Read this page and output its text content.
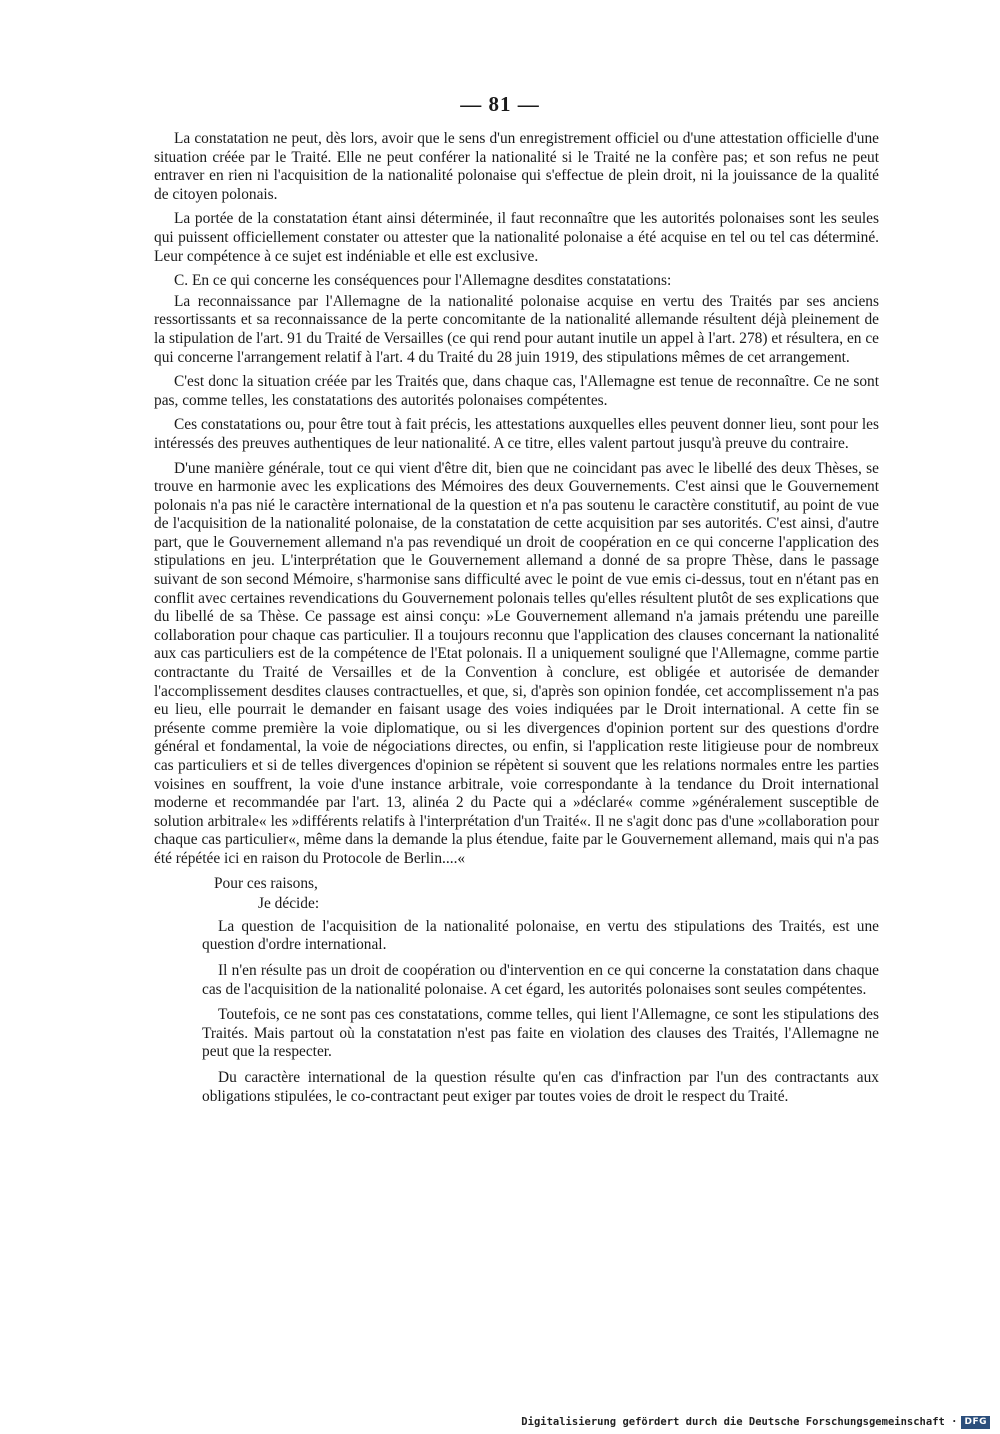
— 81 —

La constatation ne peut, dès lors, avoir que le sens d'un enregistrement officiel ou d'une attestation officielle d'une situation créée par le Traité. Elle ne peut conférer la nationalité si le Traité ne la confère pas; et son refus ne peut entraver en rien ni l'acquisition de la nationalité polonaise qui s'effectue de plein droit, ni la jouissance de la qualité de citoyen polonais.

La portée de la constatation étant ainsi déterminée, il faut reconnaître que les autorités polonaises sont les seules qui puissent officiellement constater ou attester que la nationalité polonaise a été acquise en tel ou tel cas déterminé. Leur compétence à ce sujet est indéniable et elle est exclusive.

C. En ce qui concerne les conséquences pour l'Allemagne desdites constatations:

La reconnaissance par l'Allemagne de la nationalité polonaise acquise en vertu des Traités par ses anciens ressortissants et sa reconnaissance de la perte concomitante de la nationalité allemande résultent déjà pleinement de la stipulation de l'art. 91 du Traité de Versailles (ce qui rend pour autant inutile un appel à l'art. 278) et résultera, en ce qui concerne l'arrangement relatif à l'art. 4 du Traité du 28 juin 1919, des stipulations mêmes de cet arrangement.

C'est donc la situation créée par les Traités que, dans chaque cas, l'Allemagne est tenue de reconnaître. Ce ne sont pas, comme telles, les constatations des autorités polonaises compétentes.

Ces constatations ou, pour être tout à fait précis, les attestations auxquelles elles peuvent donner lieu, sont pour les intéressés des preuves authentiques de leur nationalité. A ce titre, elles valent partout jusqu'à preuve du contraire.

D'une manière générale, tout ce qui vient d'être dit, bien que ne coincidant pas avec le libellé des deux Thèses, se trouve en harmonie avec les explications des Mémoires des deux Gouvernements. C'est ainsi que le Gouvernement polonais n'a pas nié le caractère international de la question et n'a pas soutenu le caractère constitutif, au point de vue de l'acquisition de la nationalité polonaise, de la constatation de cette acquisition par ses autorités. C'est ainsi, d'autre part, que le Gouvernement allemand n'a pas revendiqué un droit de coopération en ce qui concerne l'application des stipulations en jeu. L'interprétation que le Gouvernement allemand a donné de sa propre Thèse, dans le passage suivant de son second Mémoire, s'harmonise sans difficulté avec le point de vue emis ci-dessus, tout en n'étant pas en conflit avec certaines revendications du Gouvernement polonais telles qu'elles résultent plutôt de ses explications que du libellé de sa Thèse. Ce passage est ainsi conçu: »Le Gouvernement allemand n'a jamais prétendu une pareille collaboration pour chaque cas particulier. Il a toujours reconnu que l'application des clauses concernant la nationalité aux cas particuliers est de la compétence de l'Etat polonais. Il a uniquement souligné que l'Allemagne, comme partie contractante du Traité de Versailles et de la Convention à conclure, est obligée et autorisée de demander l'accomplissement desdites clauses contractuelles, et que, si, d'après son opinion fondée, cet accomplissement n'a pas eu lieu, elle pourrait le demander en faisant usage des voies indiquées par le Droit international. A cette fin se présente comme première la voie diplomatique, ou si les divergences d'opinion portent sur des questions d'ordre général et fondamental, la voie de négociations directes, ou enfin, si l'application reste litigieuse pour de nombreux cas particuliers et si de telles divergences d'opinion se répètent si souvent que les relations normales entre les parties voisines en souffrent, la voie d'une instance arbitrale, voie correspondante à la tendance du Droit international moderne et recommandée par l'art. 13, alinéa 2 du Pacte qui a »déclaré« comme »généralement susceptible de solution arbitrale« les »différents relatifs à l'interprétation d'un Traité«. Il ne s'agit donc pas d'une »collaboration pour chaque cas particulier«, même dans la demande la plus étendue, faite par le Gouvernement allemand, mais qui n'a pas été répétée ici en raison du Protocole de Berlin....«

Pour ces raisons,

Je décide:

La question de l'acquisition de la nationalité polonaise, en vertu des stipulations des Traités, est une question d'ordre international.

Il n'en résulte pas un droit de coopération ou d'intervention en ce qui concerne la constatation dans chaque cas de l'acquisition de la nationalité polonaise. A cet égard, les autorités polonaises sont seules compétentes.

Toutefois, ce ne sont pas ces constatations, comme telles, qui lient l'Allemagne, ce sont les stipulations des Traités. Mais partout où la constatation n'est pas faite en violation des clauses des Traités, l'Allemagne ne peut que la respecter.

Du caractère international de la question résulte qu'en cas d'infraction par l'un des contractants aux obligations stipulées, le co-contractant peut exiger par toutes voies de droit le respect du Traité.

Digitalisierung gefördert durch die Deutsche Forschungsgemeinschaft · DFG
